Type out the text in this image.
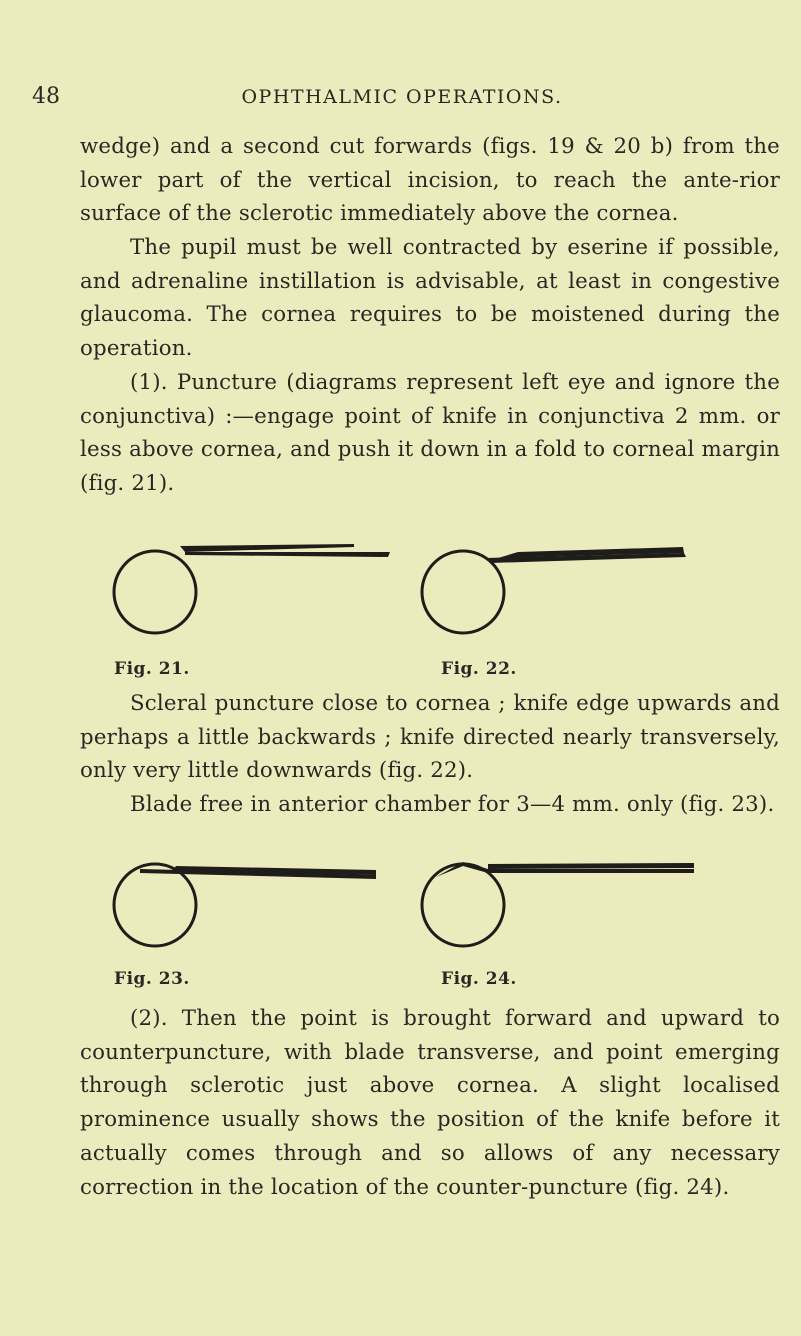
48	OPHTHALMIC OPERATIONS.

wedge) and a second cut forwards (figs. 19 & 20 b) from the lower part of the vertical incision, to reach the ante-rior surface of the sclerotic immediately above the cornea.

The pupil must be well contracted by eserine if possible, and adrenaline instillation is advisable, at least in congestive glaucoma. The cornea requires to be moistened during the operation.

(1). Puncture (diagrams represent left eye and ignore the conjunctiva) :—engage point of knife in conjunctiva 2 mm. or less above cornea, and push it down in a fold to corneal margin (fig. 21).

Fig. 21.	Fig. 22.

Scleral puncture close to cornea ; knife edge upwards and perhaps a little backwards ; knife directed nearly transversely, only very little downwards (fig. 22).

Blade free in anterior chamber for 3—4 mm. only (fig. 23).

Fig. 23.	Fig. 24.

(2). Then the point is brought forward and upward to counterpuncture, with blade transverse, and point emerging through sclerotic just above cornea. A slight localised prominence usually shows the position of the knife before it actually comes through and so allows of any necessary correction in the location of the counter-puncture (fig. 24).
